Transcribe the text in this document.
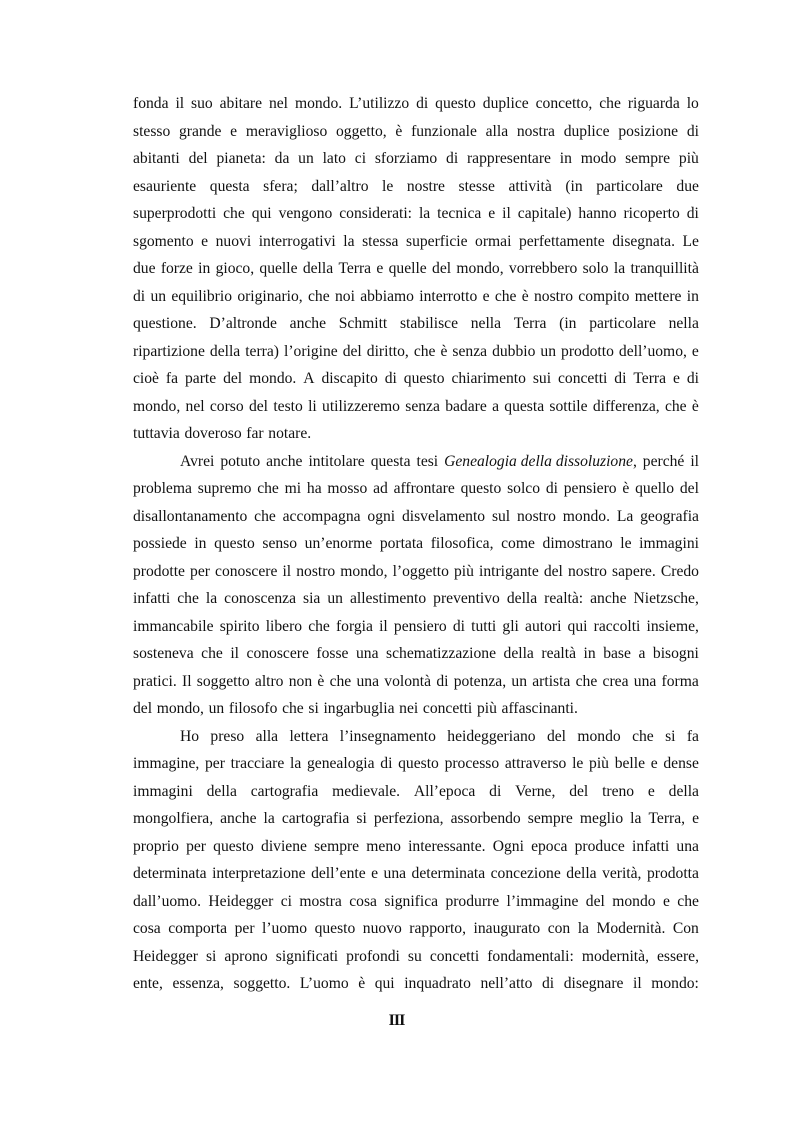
fonda il suo abitare nel mondo. L’utilizzo di questo duplice concetto, che riguarda lo
stesso grande e meraviglioso oggetto, è funzionale alla nostra duplice posizione di
abitanti del pianeta: da un lato ci sforziamo di rappresentare in modo sempre più
esauriente questa sfera; dall’altro le nostre stesse attività (in particolare due
superprodotti che qui vengono considerati: la tecnica e il capitale) hanno ricoperto di
sgomento e nuovi interrogativi la stessa superficie ormai perfettamente disegnata. Le
due forze in gioco, quelle della Terra e quelle del mondo, vorrebbero solo la tranquillità
di un equilibrio originario, che noi abbiamo interrotto e che è nostro compito mettere in
questione. D’altronde anche Schmitt stabilisce nella Terra (in particolare nella
ripartizione della terra) l’origine del diritto, che è senza dubbio un prodotto dell’uomo, e
cioè fa parte del mondo. A discapito di questo chiarimento sui concetti di Terra e di
mondo, nel corso del testo li utilizzeremo senza badare a questa sottile differenza, che è
tuttavia doveroso far notare.
Avrei potuto anche intitolare questa tesi Genealogia della dissoluzione, perché il
problema supremo che mi ha mosso ad affrontare questo solco di pensiero è quello del
disallontanamento che accompagna ogni disvelamento sul nostro mondo. La geografia
possiede in questo senso un’enorme portata filosofica, come dimostrano le immagini
prodotte per conoscere il nostro mondo, l’oggetto più intrigante del nostro sapere. Credo
infatti che la conoscenza sia un allestimento preventivo della realtà: anche Nietzsche,
immancabile spirito libero che forgia il pensiero di tutti gli autori qui raccolti insieme,
sosteneva che il conoscere fosse una schematizzazione della realtà in base a bisogni
pratici. Il soggetto altro non è che una volontà di potenza, un artista che crea una forma
del mondo, un filosofo che si ingarbuglia nei concetti più affascinanti.
Ho preso alla lettera l’insegnamento heideggeriano del mondo che si fa
immagine, per tracciare la genealogia di questo processo attraverso le più belle e dense
immagini della cartografia medievale. All’epoca di Verne, del treno e della
mongolfiera, anche la cartografia si perfeziona, assorbendo sempre meglio la Terra, e
proprio per questo diviene sempre meno interessante. Ogni epoca produce infatti una
determinata interpretazione dell’ente e una determinata concezione della verità, prodotta
dall’uomo. Heidegger ci mostra cosa significa produrre l’immagine del mondo e che
cosa comporta per l’uomo questo nuovo rapporto, inaugurato con la Modernità. Con
Heidegger si aprono significati profondi su concetti fondamentali: modernità, essere,
ente, essenza, soggetto. L’uomo è qui inquadrato nell’atto di disegnare il mondo:
III
